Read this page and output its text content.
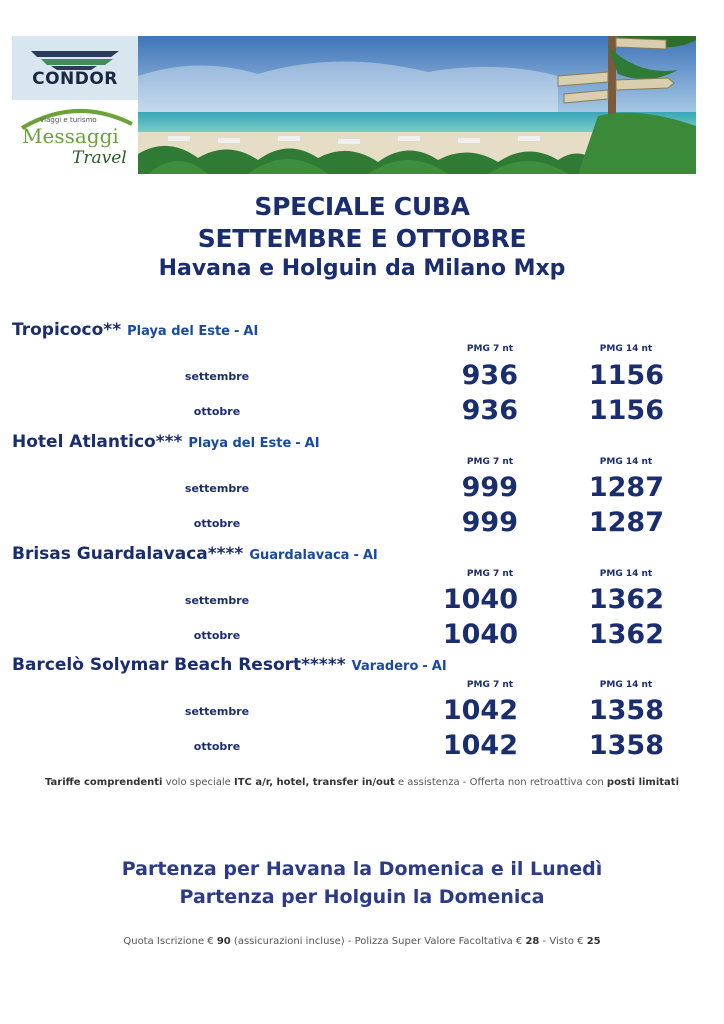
CONDOR
viaggi e turismo
Messaggi
Travel
SPECIALE CUBA
SETTEMBRE E OTTOBRE
Havana e Holguin da Milano Mxp
Tropicoco** Playa del Este - AI
PMG 7 nt	PMG 14 nt
settembre	936	1156
ottobre	936	1156
Hotel Atlantico*** Playa del Este - AI
PMG 7 nt	PMG 14 nt
settembre	999	1287
ottobre	999	1287
Brisas Guardalavaca**** Guardalavaca - AI
PMG 7 nt	PMG 14 nt
settembre	1040	1362
ottobre	1040	1362
Barcelò Solymar Beach Resort***** Varadero - AI
PMG 7 nt	PMG 14 nt
settembre	1042	1358
ottobre	1042	1358
Tariffe comprendenti volo speciale ITC a/r, hotel, transfer in/out e assistenza - Offerta non retroattiva con posti limitati
Partenza per Havana la Domenica e il Lunedì
Partenza per Holguin la Domenica
Quota Iscrizione € 90 (assicurazioni incluse) - Polizza Super Valore Facoltativa € 28 - Visto € 25
